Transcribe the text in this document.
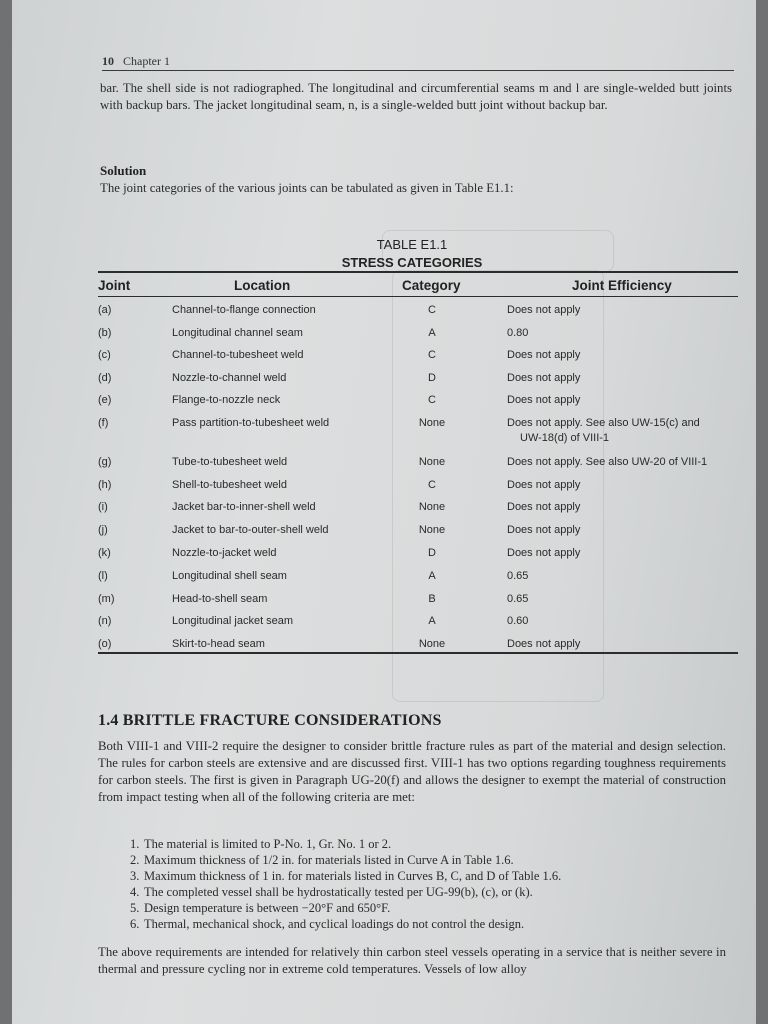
10 Chapter 1
bar. The shell side is not radiographed. The longitudinal and circumferential seams m and l are single-welded butt joints with backup bars. The jacket longitudinal seam, n, is a single-welded butt joint without backup bar.
Solution
The joint categories of the various joints can be tabulated as given in Table E1.1:
TABLE E1.1
STRESS CATEGORIES
Joint	Location	Category	Joint Efficiency
(a)	Channel-to-flange connection	C	Does not apply
(b)	Longitudinal channel seam	A	0.80
(c)	Channel-to-tubesheet weld	C	Does not apply
(d)	Nozzle-to-channel weld	D	Does not apply
(e)	Flange-to-nozzle neck	C	Does not apply
(f)	Pass partition-to-tubesheet weld	None	Does not apply. See also UW-15(c) and
UW-18(d) of VIII-1
(g)	Tube-to-tubesheet weld	None	Does not apply. See also UW-20 of VIII-1
(h)	Shell-to-tubesheet weld	C	Does not apply
(i)	Jacket bar-to-inner-shell weld	None	Does not apply
(j)	Jacket to bar-to-outer-shell weld	None	Does not apply
(k)	Nozzle-to-jacket weld	D	Does not apply
(l)	Longitudinal shell seam	A	0.65
(m)	Head-to-shell seam	B	0.65
(n)	Longitudinal jacket seam	A	0.60
(o)	Skirt-to-head seam	None	Does not apply
1.4 BRITTLE FRACTURE CONSIDERATIONS
Both VIII-1 and VIII-2 require the designer to consider brittle fracture rules as part of the material and design selection. The rules for carbon steels are extensive and are discussed first. VIII-1 has two options regarding toughness requirements for carbon steels. The first is given in Paragraph UG-20(f) and allows the designer to exempt the material of construction from impact testing when all of the following criteria are met:
1. The material is limited to P-No. 1, Gr. No. 1 or 2.
2. Maximum thickness of 1/2 in. for materials listed in Curve A in Table 1.6.
3. Maximum thickness of 1 in. for materials listed in Curves B, C, and D of Table 1.6.
4. The completed vessel shall be hydrostatically tested per UG-99(b), (c), or (k).
5. Design temperature is between −20°F and 650°F.
6. Thermal, mechanical shock, and cyclical loadings do not control the design.
The above requirements are intended for relatively thin carbon steel vessels operating in a service that is neither severe in thermal and pressure cycling nor in extreme cold temperatures. Vessels of low alloy
